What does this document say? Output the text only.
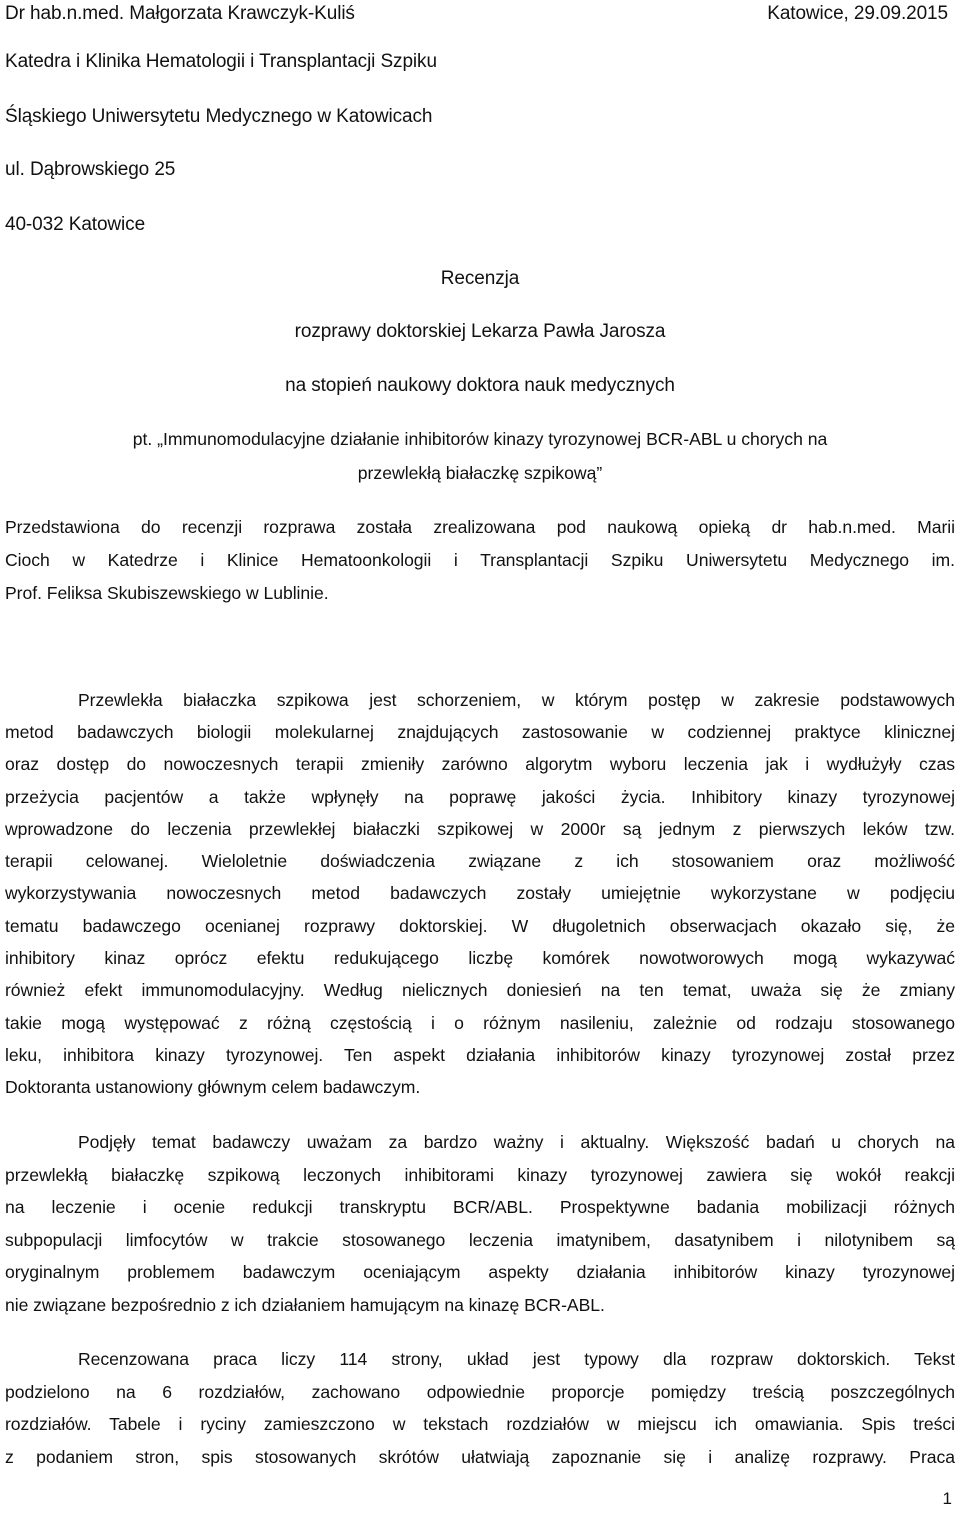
Dr hab.n.med. Małgorzata Krawczyk-Kuliś	Katowice, 29.09.2015
Katedra i Klinika Hematologii i Transplantacji Szpiku
Śląskiego Uniwersytetu Medycznego w Katowicach
ul. Dąbrowskiego 25
40-032 Katowice
Recenzja
rozprawy doktorskiej Lekarza Pawła Jarosza
na stopień naukowy doktora nauk medycznych
pt. „Immunomodulacyjne działanie inhibitorów kinazy tyrozynowej BCR-ABL u chorych na
przewlekłą białaczkę szpikową”
Przedstawiona do recenzji rozprawa została zrealizowana pod naukową opieką dr hab.n.med. Marii
Cioch w Katedrze i Klinice Hematoonkologii i Transplantacji Szpiku Uniwersytetu Medycznego im.
Prof. Feliksa Skubiszewskiego w Lublinie.
Przewlekła białaczka szpikowa jest schorzeniem, w którym postęp w zakresie podstawowych
metod badawczych biologii molekularnej znajdujących zastosowanie w codziennej praktyce klinicznej
oraz dostęp do nowoczesnych terapii zmieniły zarówno algorytm wyboru leczenia jak i wydłużyły czas
przeżycia pacjentów a także wpłynęły na poprawę jakości życia. Inhibitory kinazy tyrozynowej
wprowadzone do leczenia przewlekłej białaczki szpikowej w 2000r są jednym z pierwszych leków tzw.
terapii celowanej. Wieloletnie doświadczenia związane z ich stosowaniem oraz możliwość
wykorzystywania nowoczesnych metod badawczych zostały umiejętnie wykorzystane w podjęciu
tematu badawczego ocenianej rozprawy doktorskiej. W długoletnich obserwacjach okazało się, że
inhibitory kinaz oprócz efektu redukującego liczbę komórek nowotworowych mogą wykazywać
również efekt immunomodulacyjny. Według nielicznych doniesień na ten temat, uważa się że zmiany
takie mogą występować z różną częstością i o różnym nasileniu, zależnie od rodzaju stosowanego
leku, inhibitora kinazy tyrozynowej. Ten aspekt działania inhibitorów kinazy tyrozynowej został przez
Doktoranta ustanowiony głównym celem badawczym.
Podjęły temat badawczy uważam za bardzo ważny i aktualny. Większość badań u chorych na
przewlekłą białaczkę szpikową leczonych inhibitorami kinazy tyrozynowej zawiera się wokół reakcji
na leczenie i ocenie redukcji transkryptu BCR/ABL. Prospektywne badania mobilizacji różnych
subpopulacji limfocytów w trakcie stosowanego leczenia imatynibem, dasatynibem i nilotynibem są
oryginalnym problemem badawczym oceniającym aspekty działania inhibitorów kinazy tyrozynowej
nie związane bezpośrednio z ich działaniem hamującym na kinazę BCR-ABL.
Recenzowana praca liczy 114 strony, układ jest typowy dla rozpraw doktorskich. Tekst
podzielono na 6 rozdziałów, zachowano odpowiednie proporcje pomiędzy treścią poszczególnych
rozdziałów. Tabele i ryciny zamieszczono w tekstach rozdziałów w miejscu ich omawiania. Spis treści
z podaniem stron, spis stosowanych skrótów ułatwiają zapoznanie się i analizę rozprawy. Praca
1
